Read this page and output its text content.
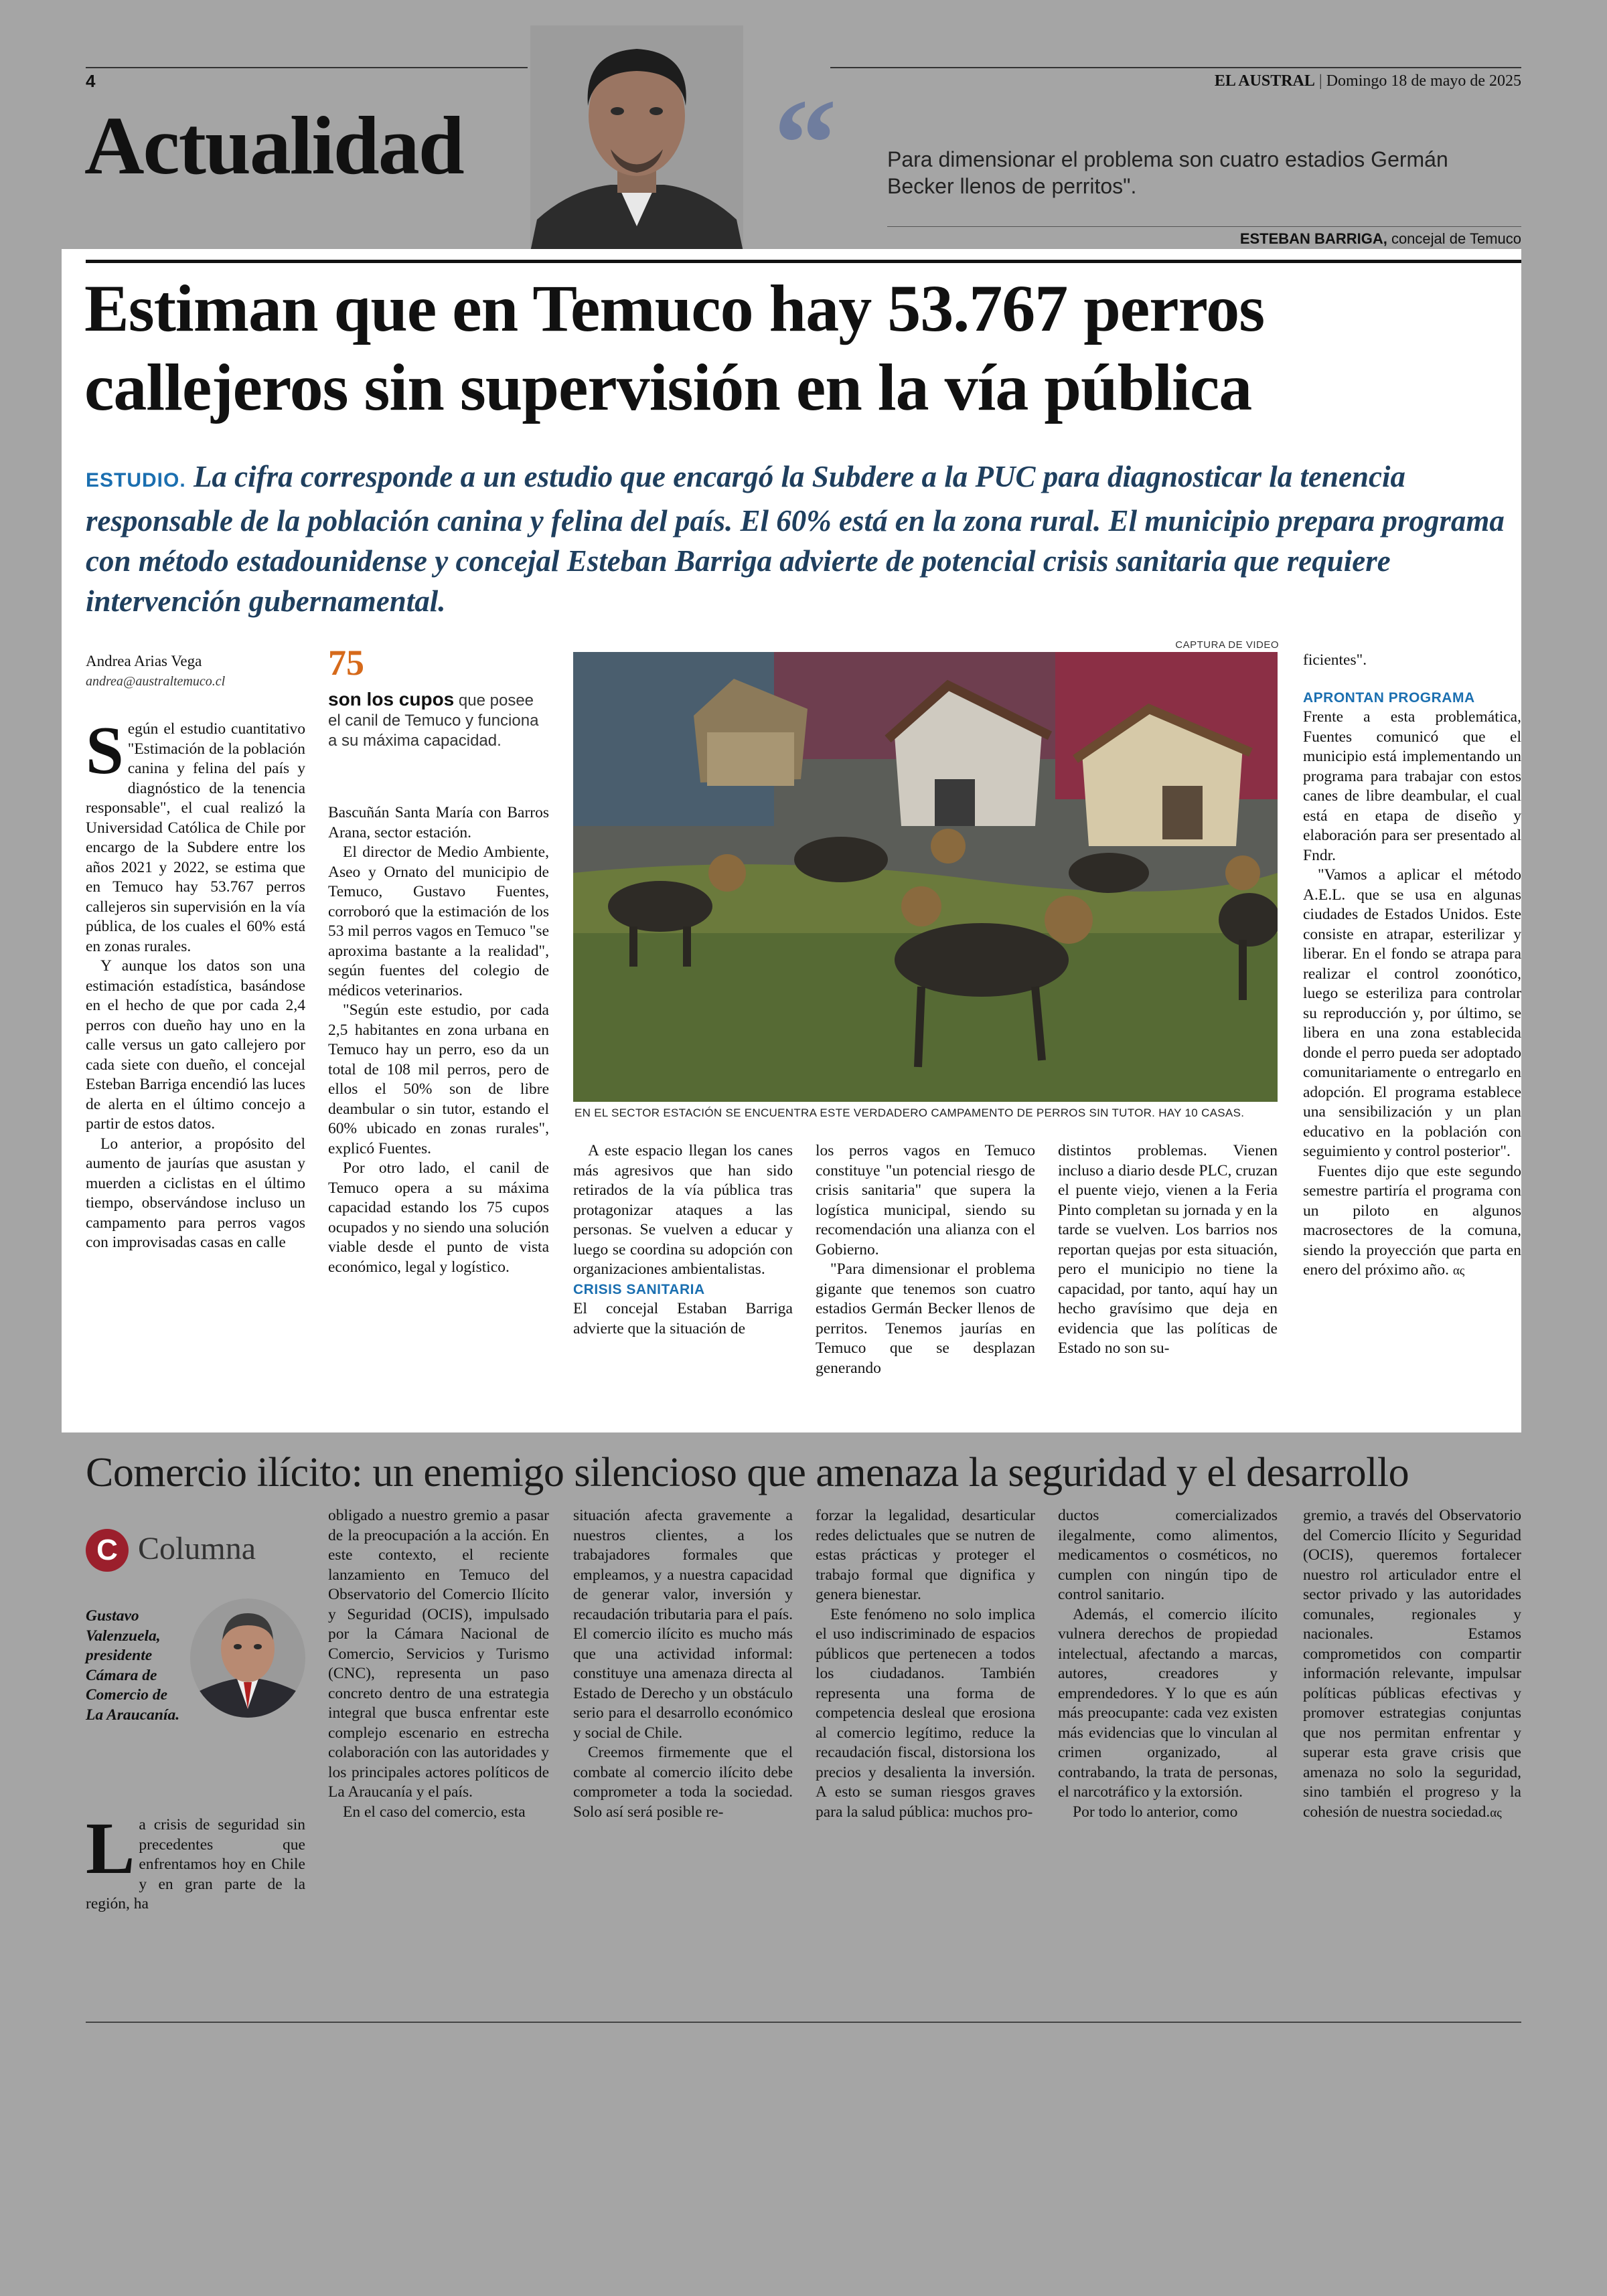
4	EL AUSTRAL | Domingo 18 de mayo de 2025
Actualidad “ Para dimensionar el problema son cuatro estadios Germán Becker llenos de perritos".
ESTEBAN BARRIGA, concejal de Temuco
Estiman que en Temuco hay 53.767 perros
callejeros sin supervisión en la vía pública
ESTUDIO. La cifra corresponde a un estudio que encargó la Subdere a la PUC para diagnosticar la tenencia responsable de la población canina y felina del país. El 60% está en la zona rural. El municipio prepara programa con método estadounidense y concejal Esteban Barriga advierte de potencial crisis sanitaria que requiere intervención gubernamental.
Andrea Arias Vega
andrea@australtemuco.cl	75
son los cupos que posee el canil de Temuco y funciona a su máxima capacidad.
CAPTURA DE VIDEO
EN EL SECTOR ESTACIÓN SE ENCUENTRA ESTE VERDADERO CAMPAMENTO DE PERROS SIN TUTOR. HAY 10 CASAS.

Según el estudio cuantitativo "Estimación de la población canina y felina del país y diagnóstico de la tenencia responsable", el cual realizó la Universidad Católica de Chile por encargo de la Subdere entre los años 2021 y 2022, se estima que en Temuco hay 53.767 perros callejeros sin supervisión en la vía pública, de los cuales el 60% está en zonas rurales.

Y aunque los datos son una estimación estadística, basándose en el hecho de que por cada 2,4 perros con dueño hay uno en la calle versus un gato callejero por cada siete con dueño, el concejal Esteban Barriga encendió las luces de alerta en el último concejo a partir de estos datos.

Lo anterior, a propósito del aumento de jaurías que asustan y muerden a ciclistas en el último tiempo, observándose incluso un campamento para perros vagos con improvisadas casas en calle

Bascuñán Santa María con Barros Arana, sector estación.

El director de Medio Ambiente, Aseo y Ornato del municipio de Temuco, Gustavo Fuentes, corroboró que la estimación de los 53 mil perros vagos en Temuco "se aproxima bastante a la realidad", según fuentes del colegio de médicos veterinarios.

"Según este estudio, por cada 2,5 habitantes en zona urbana en Temuco hay un perro, eso da un total de 108 mil perros, pero de ellos el 50% son de libre deambular o sin tutor, estando el 60% ubicado en zonas rurales", explicó Fuentes.

Por otro lado, el canil de Temuco opera a su máxima capacidad estando los 75 cupos ocupados y no siendo una solución viable desde el punto de vista económico, legal y logístico.

A este espacio llegan los canes más agresivos que han sido retirados de la vía pública tras protagonizar ataques a las personas. Se vuelven a educar y luego se coordina su adopción con organizaciones ambientalistas.

CRISIS SANITARIA

El concejal Estaban Barriga advierte que la situación de

los perros vagos en Temuco constituye "un potencial riesgo de crisis sanitaria" que supera la logística municipal, siendo su recomendación una alianza con el Gobierno.

"Para dimensionar el problema gigante que tenemos son cuatro estadios Germán Becker llenos de perritos. Tenemos jaurías en Temuco que se desplazan generando

distintos problemas. Vienen incluso a diario desde PLC, cruzan el puente viejo, vienen a la Feria Pinto completan su jornada y en la tarde se vuelven. Los barrios nos reportan quejas por esta situación, pero el municipio no tiene la capacidad, por tanto, aquí hay un hecho gravísimo que deja en evidencia que las políticas de Estado no son su-

ficientes".

APRONTAN PROGRAMA

Frente a esta problemática, Fuentes comunicó que el municipio está implementando un programa para trabajar con estos canes de libre deambular, el cual está en etapa de diseño y elaboración para ser presentado al Fndr.

"Vamos a aplicar el método A.E.L. que se usa en algunas ciudades de Estados Unidos. Este consiste en atrapar, esterilizar y liberar. En el fondo se atrapa para realizar el control zoonótico, luego se esteriliza para controlar su reproducción y, por último, se libera en una zona establecida donde el perro pueda ser adoptado comunitariamente o entregarlo en adopción. El programa establece una sensibilización y un plan educativo en la población con seguimiento y control posterior".

Fuentes dijo que este segundo semestre partiría el programa con un piloto en algunos macrosectores de la comuna, siendo la proyección que parta en enero del próximo año. ας

Comercio ilícito: un enemigo silencioso que amenaza la seguridad y el desarrollo
C Columna
Gustavo Valenzuela, presidente Cámara de Comercio de La Araucanía.

La crisis de seguridad sin precedentes que enfrentamos hoy en Chile y en gran parte de la región, ha

obligado a nuestro gremio a pasar de la preocupación a la acción. En este contexto, el reciente lanzamiento en Temuco del Observatorio del Comercio Ilícito y Seguridad (OCIS), impulsado por la Cámara Nacional de Comercio, Servicios y Turismo (CNC), representa un paso concreto dentro de una estrategia integral que busca enfrentar este complejo escenario en estrecha colaboración con las autoridades y los principales actores políticos de La Araucanía y el país.

En el caso del comercio, esta

situación afecta gravemente a nuestros clientes, a los trabajadores formales que empleamos, y a nuestra capacidad de generar valor, inversión y recaudación tributaria para el país. El comercio ilícito es mucho más que una actividad informal: constituye una amenaza directa al Estado de Derecho y un obstáculo serio para el desarrollo económico y social de Chile.

Creemos firmemente que el combate al comercio ilícito debe comprometer a toda la sociedad. Solo así será posible re-

forzar la legalidad, desarticular redes delictuales que se nutren de estas prácticas y proteger el trabajo formal que dignifica y genera bienestar.

Este fenómeno no solo implica el uso indiscriminado de espacios públicos que pertenecen a todos los ciudadanos. También representa una forma de competencia desleal que erosiona al comercio legítimo, reduce la recaudación fiscal, distorsiona los precios y desalienta la inversión. A esto se suman riesgos graves para la salud pública: muchos pro-

ductos comercializados ilegalmente, como alimentos, medicamentos o cosméticos, no cumplen con ningún tipo de control sanitario.

Además, el comercio ilícito vulnera derechos de propiedad intelectual, afectando a marcas, autores, creadores y emprendedores. Y lo que es aún más preocupante: cada vez existen más evidencias que lo vinculan al crimen organizado, al contrabando, la trata de personas, el narcotráfico y la extorsión.

Por todo lo anterior, como

gremio, a través del Observatorio del Comercio Ilícito y Seguridad (OCIS), queremos fortalecer nuestro rol articulador entre el sector privado y las autoridades comunales, regionales y nacionales. Estamos comprometidos con compartir información relevante, impulsar políticas públicas efectivas y promover estrategias conjuntas que nos permitan enfrentar y superar esta grave crisis que amenaza no solo la seguridad, sino también el progreso y la cohesión de nuestra sociedad.ας
